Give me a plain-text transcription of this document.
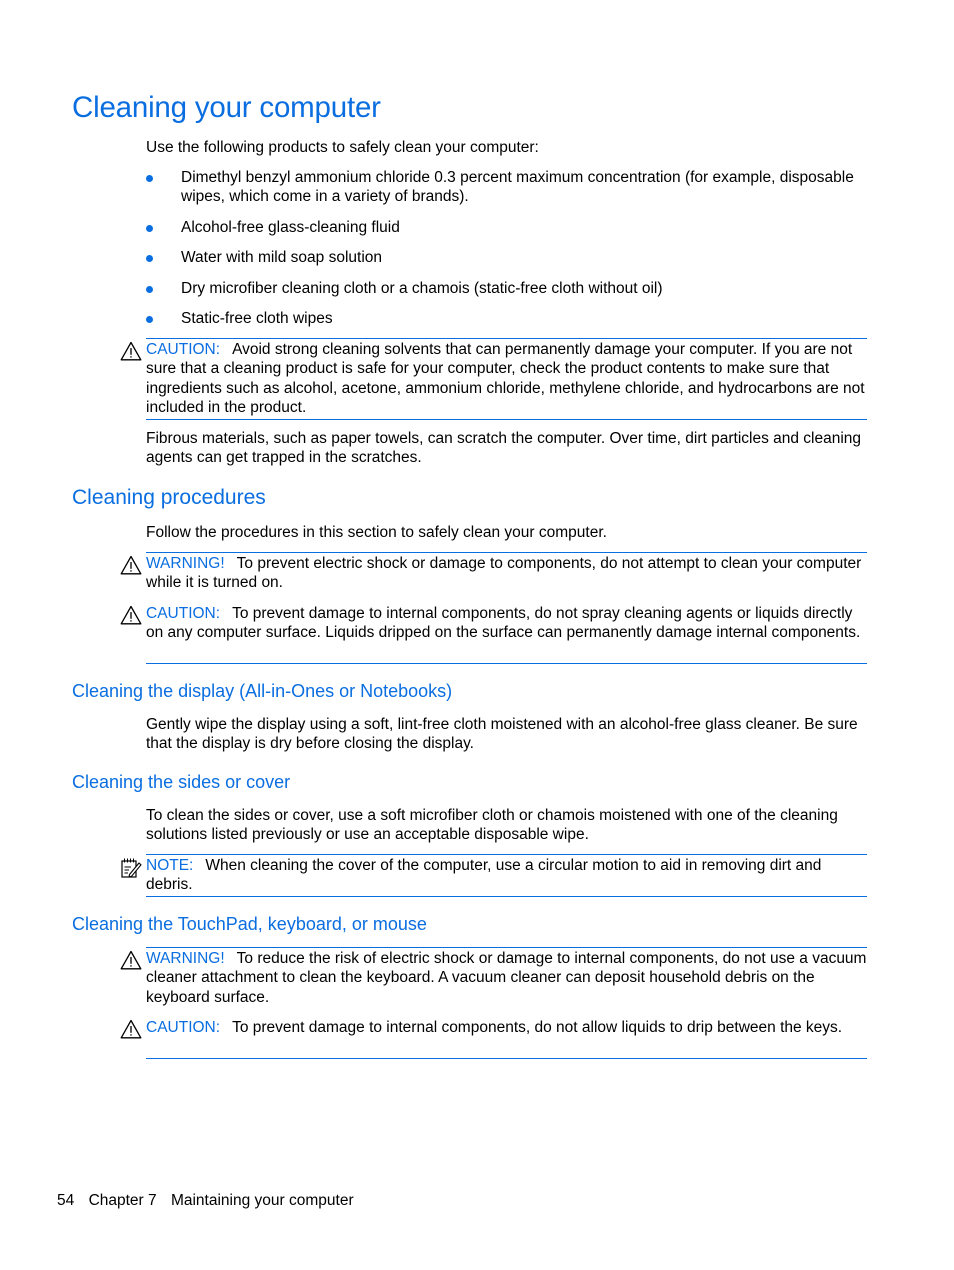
Cleaning your computer

Use the following products to safely clean your computer:

Dimethyl benzyl ammonium chloride 0.3 percent maximum concentration (for example, disposable wipes, which come in a variety of brands).
Alcohol-free glass-cleaning fluid
Water with mild soap solution
Dry microfiber cleaning cloth or a chamois (static-free cloth without oil)
Static-free cloth wipes
CAUTION: Avoid strong cleaning solvents that can permanently damage your computer. If you are not sure that a cleaning product is safe for your computer, check the product contents to make sure that ingredients such as alcohol, acetone, ammonium chloride, methylene chloride, and hydrocarbons are not included in the product.

Fibrous materials, such as paper towels, can scratch the computer. Over time, dirt particles and cleaning agents can get trapped in the scratches.

Cleaning procedures

Follow the procedures in this section to safely clean your computer.

WARNING! To prevent electric shock or damage to components, do not attempt to clean your computer while it is turned on.
CAUTION: To prevent damage to internal components, do not spray cleaning agents or liquids directly on any computer surface. Liquids dripped on the surface can permanently damage internal components.
Cleaning the display (All-in-Ones or Notebooks)

Gently wipe the display using a soft, lint-free cloth moistened with an alcohol-free glass cleaner. Be sure that the display is dry before closing the display.

Cleaning the sides or cover

To clean the sides or cover, use a soft microfiber cloth or chamois moistened with one of the cleaning solutions listed previously or use an acceptable disposable wipe.

NOTE: When cleaning the cover of the computer, use a circular motion to aid in removing dirt and debris.
Cleaning the TouchPad, keyboard, or mouse
WARNING! To reduce the risk of electric shock or damage to internal components, do not use a vacuum cleaner attachment to clean the keyboard. A vacuum cleaner can deposit household debris on the keyboard surface.
CAUTION: To prevent damage to internal components, do not allow liquids to drip between the keys.
54 Chapter 7 Maintaining your computer
